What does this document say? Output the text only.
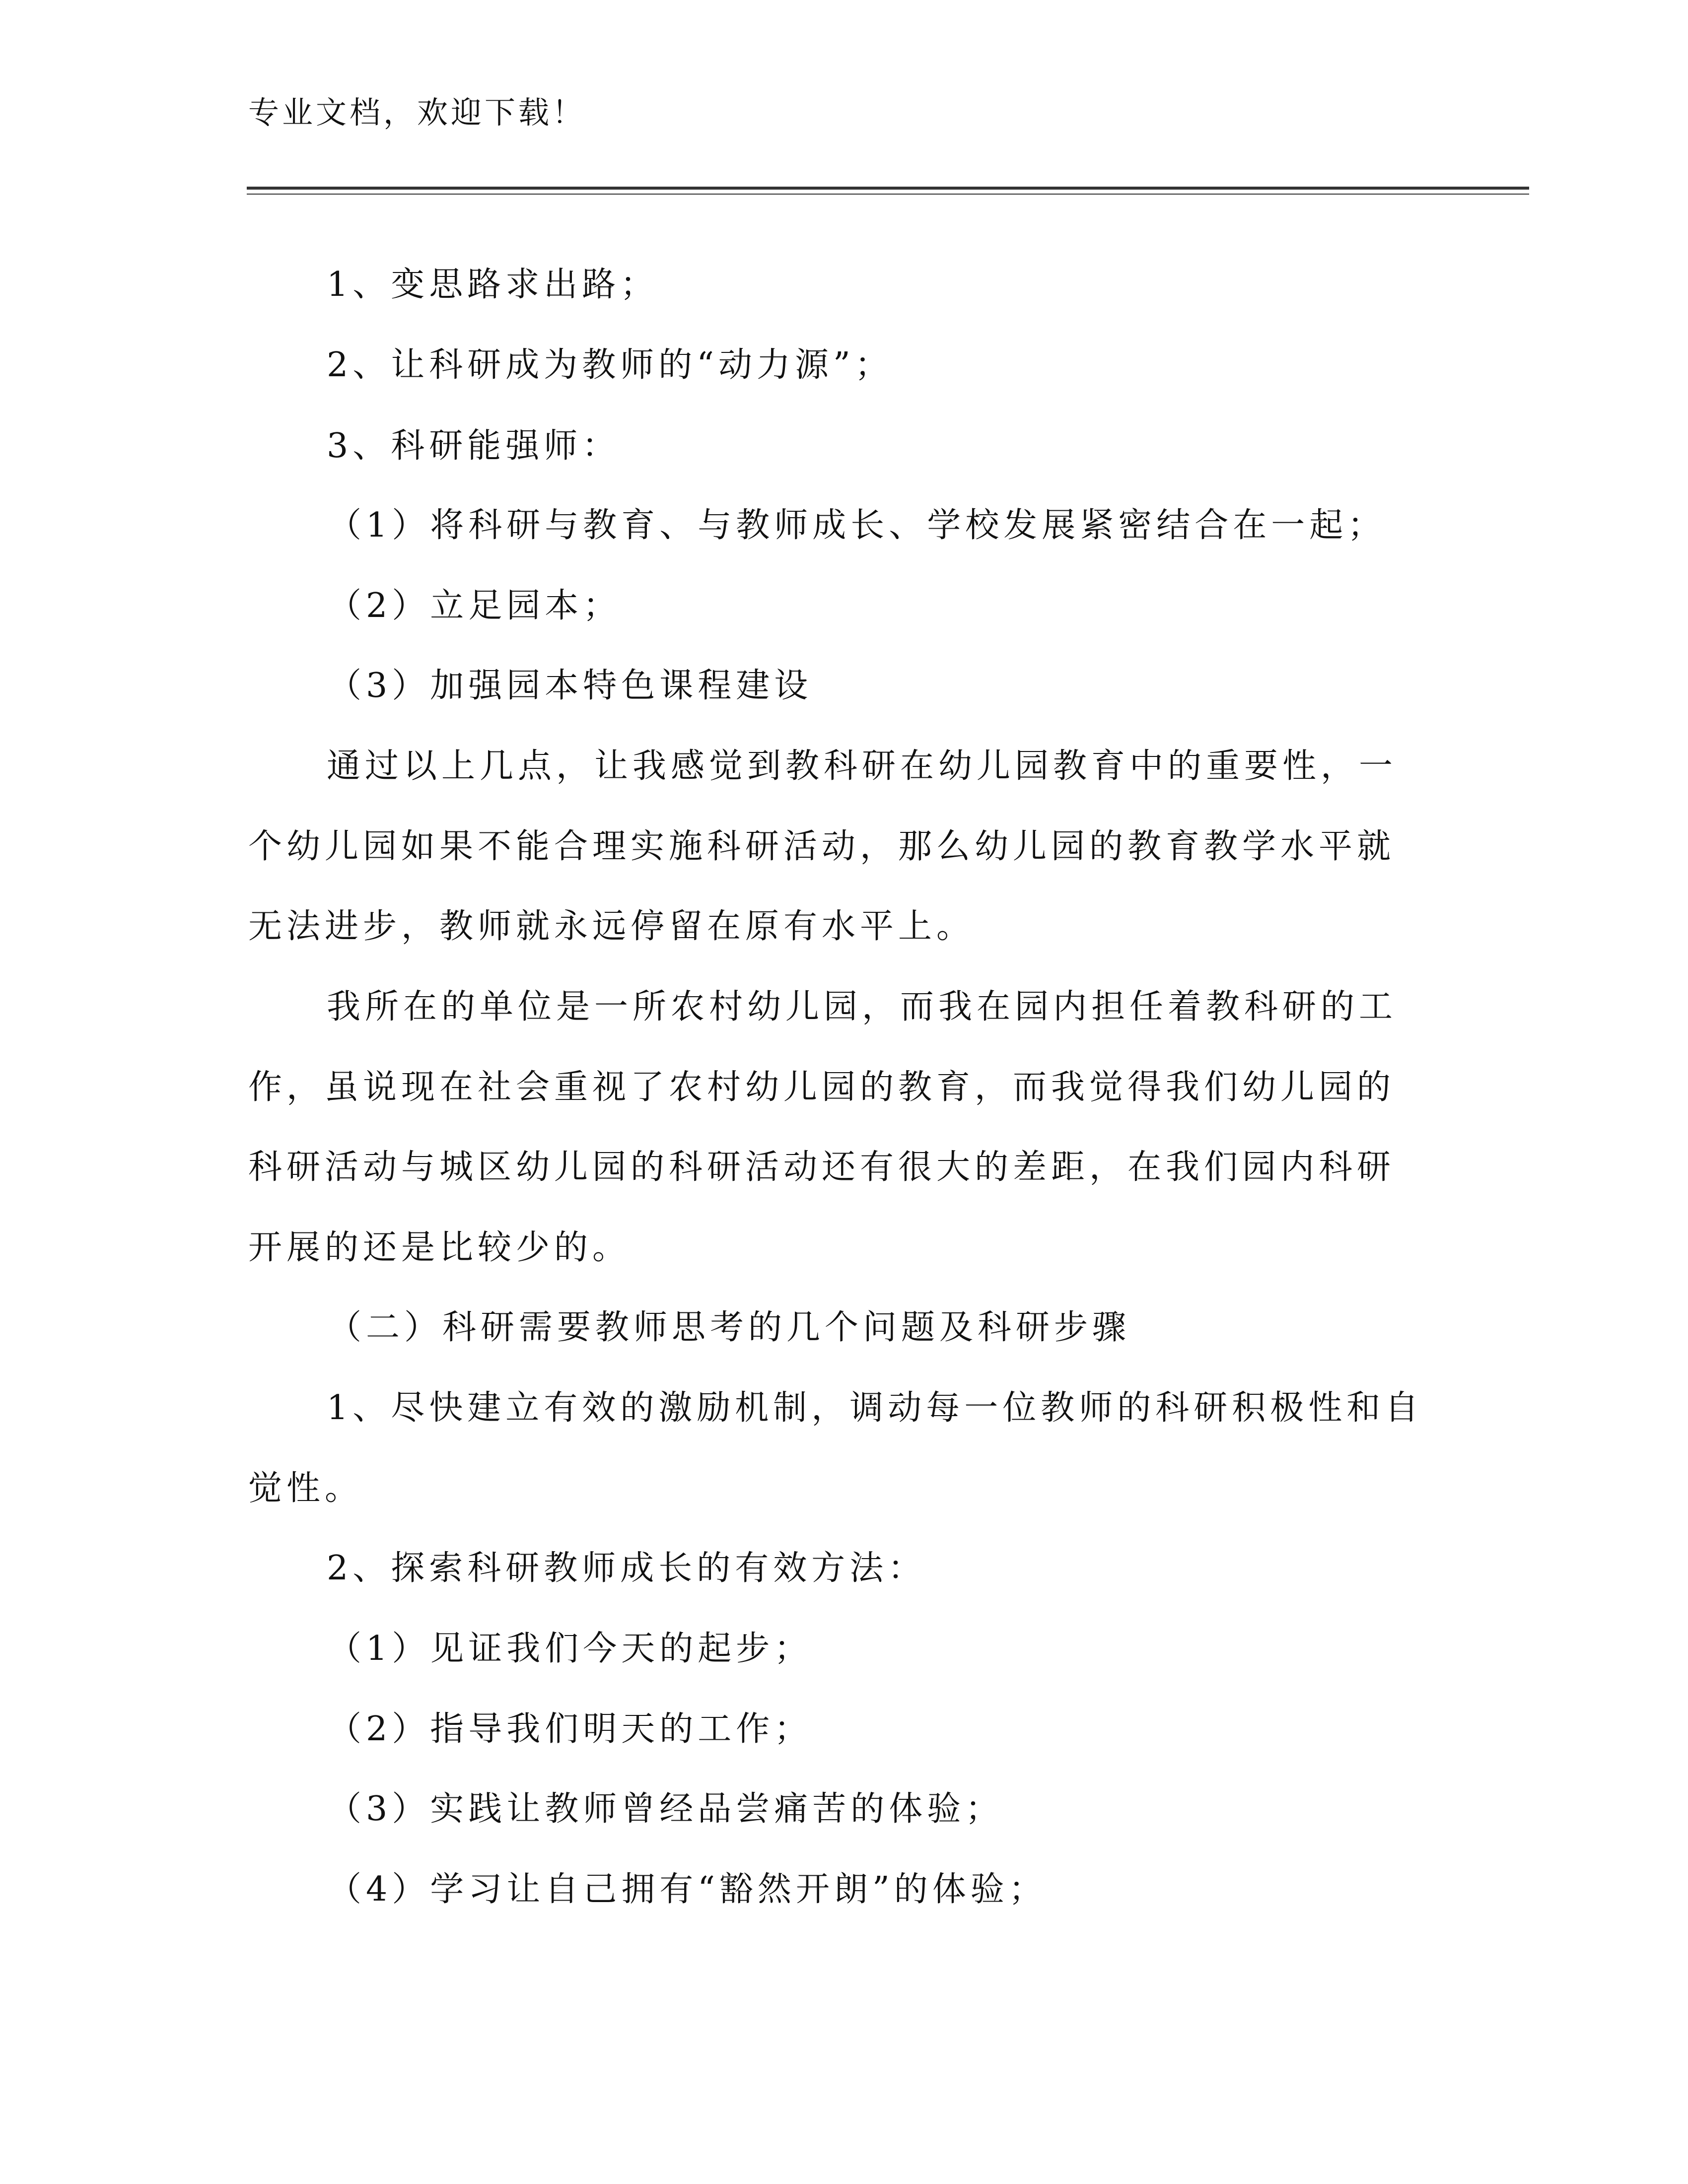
专业文档，欢迎下载！
1、变思路求出路；
2、让科研成为教师的“动力源”；
3、科研能强师：
（1）将科研与教育、与教师成长、学校发展紧密结合在一起；
（2）立足园本；
（3）加强园本特色课程建设
通过以上几点，让我感觉到教科研在幼儿园教育中的重要性，一
个幼儿园如果不能合理实施科研活动，那么幼儿园的教育教学水平就
无法进步，教师就永远停留在原有水平上。
我所在的单位是一所农村幼儿园，而我在园内担任着教科研的工
作，虽说现在社会重视了农村幼儿园的教育，而我觉得我们幼儿园的
科研活动与城区幼儿园的科研活动还有很大的差距，在我们园内科研
开展的还是比较少的。
（二）科研需要教师思考的几个问题及科研步骤
1、尽快建立有效的激励机制，调动每一位教师的科研积极性和自
觉性。
2、探索科研教师成长的有效方法：
（1）见证我们今天的起步；
（2）指导我们明天的工作；
（3）实践让教师曾经品尝痛苦的体验；
（4）学习让自己拥有“豁然开朗”的体验；
